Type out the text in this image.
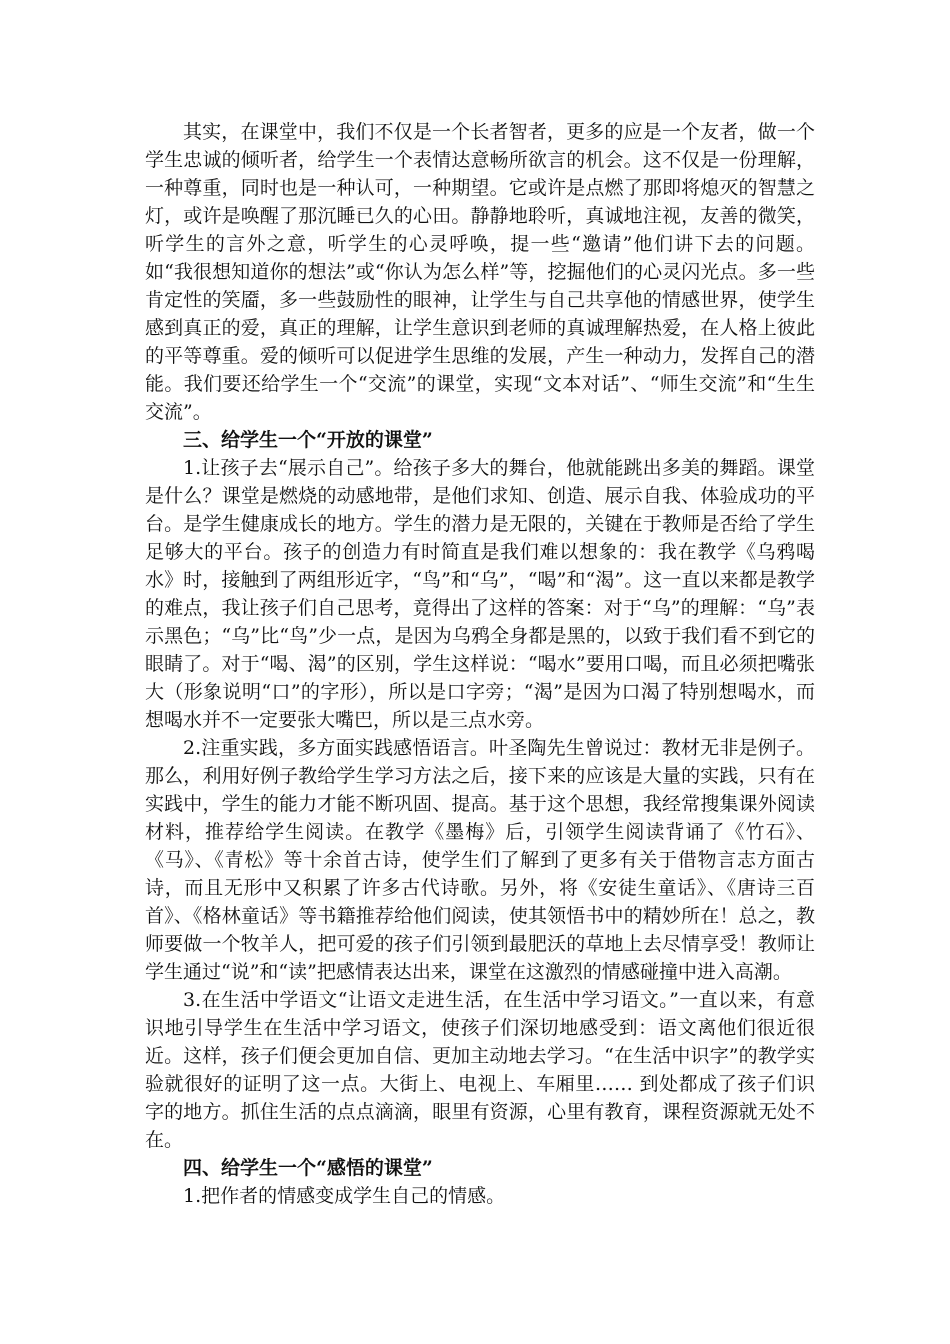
其实，在课堂中，我们不仅是一个长者智者，更多的应是一个友者，做一个学生忠诚的倾听者，给学生一个表情达意畅所欲言的机会。这不仅是一份理解，一种尊重，同时也是一种认可，一种期望。它或许是点燃了那即将熄灭的智慧之灯，或许是唤醒了那沉睡已久的心田。静静地聆听，真诚地注视，友善的微笑，听学生的言外之意，听学生的心灵呼唤，提一些“邀请”他们讲下去的问题。如“我很想知道你的想法”或“你认为怎么样”等，挖掘他们的心灵闪光点。多一些肯定性的笑靥，多一些鼓励性的眼神，让学生与自己共享他的情感世界，使学生感到真正的爱，真正的理解，让学生意识到老师的真诚理解热爱，在人格上彼此的平等尊重。爱的倾听可以促进学生思维的发展，产生一种动力，发挥自己的潜能。我们要还给学生一个“交流”的课堂，实现“文本对话”、“师生交流”和“生生交流”。

三、给学生一个“开放的课堂”

1.让孩子去“展示自己”。给孩子多大的舞台，他就能跳出多美的舞蹈。课堂是什么？课堂是燃烧的动感地带，是他们求知、创造、展示自我、体验成功的平台。是学生健康成长的地方。学生的潜力是无限的，关键在于教师是否给了学生足够大的平台。孩子的创造力有时简直是我们难以想象的：我在教学《乌鸦喝水》时，接触到了两组形近字，“鸟”和“乌”，“喝”和“渴”。这一直以来都是教学的难点，我让孩子们自己思考，竟得出了这样的答案：对于“乌”的理解：“乌”表示黑色；“乌”比“鸟”少一点，是因为乌鸦全身都是黑的，以致于我们看不到它的眼睛了。对于“喝、渴”的区别，学生这样说：“喝水”要用口喝，而且必须把嘴张大（形象说明“口”的字形），所以是口字旁；“渴”是因为口渴了特别想喝水，而想喝水并不一定要张大嘴巴，所以是三点水旁。

2.注重实践，多方面实践感悟语言。叶圣陶先生曾说过：教材无非是例子。那么，利用好例子教给学生学习方法之后，接下来的应该是大量的实践，只有在实践中，学生的能力才能不断巩固、提高。基于这个思想，我经常搜集课外阅读材料，推荐给学生阅读。在教学《墨梅》后，引领学生阅读背诵了《竹石》、《马》、《青松》等十余首古诗，使学生们了解到了更多有关于借物言志方面古诗，而且无形中又积累了许多古代诗歌。另外，将《安徒生童话》、《唐诗三百首》、《格林童话》等书籍推荐给他们阅读，使其领悟书中的精妙所在！总之，教师要做一个牧羊人，把可爱的孩子们引领到最肥沃的草地上去尽情享受！教师让学生通过“说”和“读”把感情表达出来，课堂在这激烈的情感碰撞中进入高潮。

3.在生活中学语文“让语文走进生活，在生活中学习语文。”一直以来，有意识地引导学生在生活中学习语文，使孩子们深切地感受到：语文离他们很近很近。这样，孩子们便会更加自信、更加主动地去学习。“在生活中识字”的教学实验就很好的证明了这一点。大街上、电视上、车厢里…… 到处都成了孩子们识字的地方。抓住生活的点点滴滴，眼里有资源，心里有教育，课程资源就无处不在。

四、给学生一个“感悟的课堂”

1.把作者的情感变成学生自己的情感。
